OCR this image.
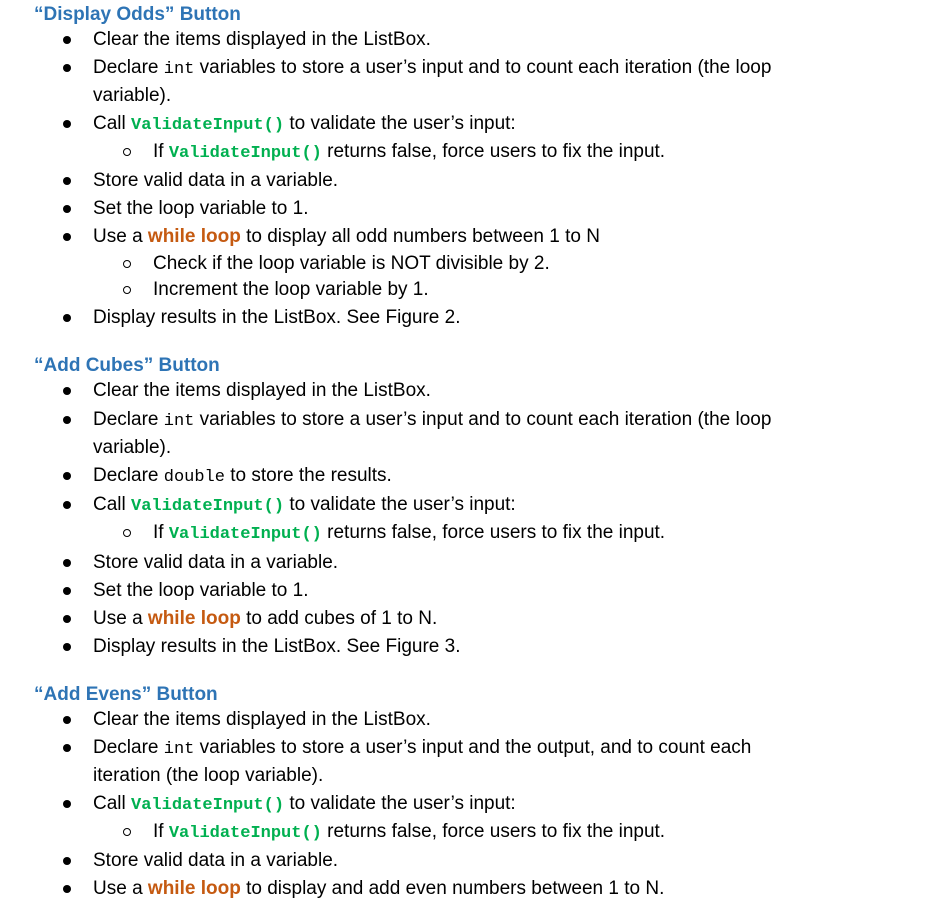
“Display Odds” Button
Clear the items displayed in the ListBox.
Declare int variables to store a user’s input and to count each iteration (the loop
variable).
Call ValidateInput() to validate the user’s input:
If ValidateInput() returns false, force users to fix the input.
Store valid data in a variable.
Set the loop variable to 1.
Use a while loop to display all odd numbers between 1 to N
Check if the loop variable is NOT divisible by 2.
Increment the loop variable by 1.
Display results in the ListBox. See Figure 2.
“Add Cubes” Button
Clear the items displayed in the ListBox.
Declare int variables to store a user’s input and to count each iteration (the loop
variable).
Declare double to store the results.
Call ValidateInput() to validate the user’s input:
If ValidateInput() returns false, force users to fix the input.
Store valid data in a variable.
Set the loop variable to 1.
Use a while loop to add cubes of 1 to N.
Display results in the ListBox. See Figure 3.
“Add Evens” Button
Clear the items displayed in the ListBox.
Declare int variables to store a user’s input and the output, and to count each
iteration (the loop variable).
Call ValidateInput() to validate the user’s input:
If ValidateInput() returns false, force users to fix the input.
Store valid data in a variable.
Use a while loop to display and add even numbers between 1 to N.
